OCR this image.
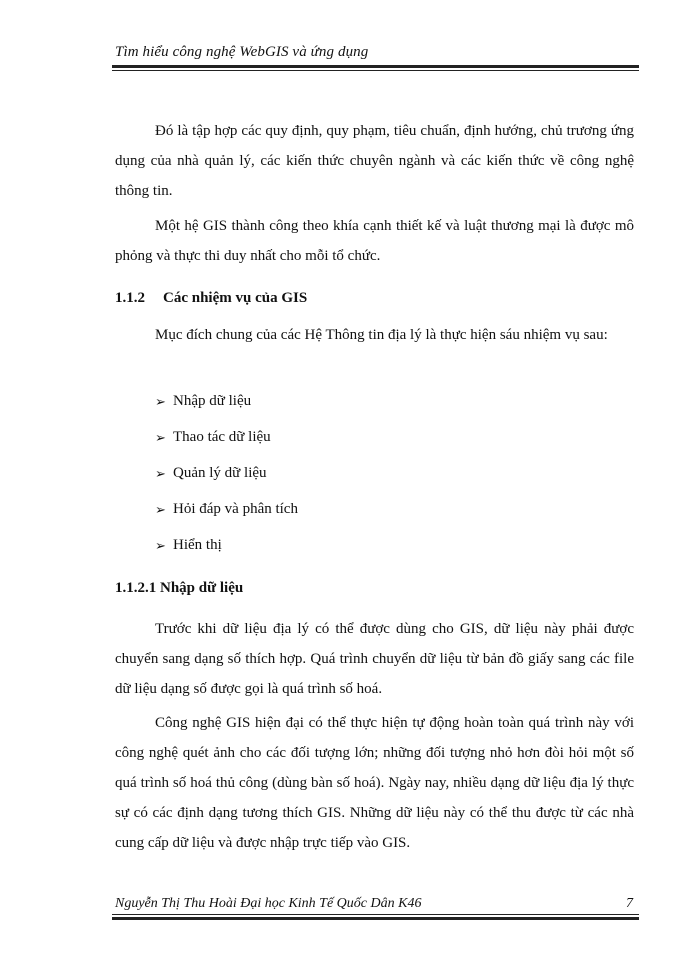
Tìm hiểu công nghệ WebGIS và ứng dụng

Đó là tập hợp các quy định, quy phạm, tiêu chuẩn, định hướng, chủ trương ứng dụng của nhà quản lý, các kiến thức chuyên ngành và các kiến thức về công nghệ thông tin.

Một hệ GIS thành công theo khía cạnh thiết kế và luật thương mại là được mô phỏng và thực thi duy nhất cho mỗi tổ chức.

1.1.2 Các nhiệm vụ của GIS

Mục đích chung của các Hệ Thông tin địa lý là thực hiện sáu nhiệm vụ sau:

➢ Nhập dữ liệu
➢ Thao tác dữ liệu
➢ Quản lý dữ liệu
➢ Hỏi đáp và phân tích
➢ Hiển thị
1.1.2.1 Nhập dữ liệu

Trước khi dữ liệu địa lý có thể được dùng cho GIS, dữ liệu này phải được chuyển sang dạng số thích hợp. Quá trình chuyển dữ liệu từ bản đồ giấy sang các file dữ liệu dạng số được gọi là quá trình số hoá.

Công nghệ GIS hiện đại có thể thực hiện tự động hoàn toàn quá trình này với công nghệ quét ảnh cho các đối tượng lớn; những đối tượng nhỏ hơn đòi hỏi một số quá trình số hoá thủ công (dùng bàn số hoá). Ngày nay, nhiều dạng dữ liệu địa lý thực sự có các định dạng tương thích GIS. Những dữ liệu này có thể thu được từ các nhà cung cấp dữ liệu và được nhập trực tiếp vào GIS.

Nguyễn Thị Thu Hoài Đại học Kinh Tế Quốc Dân K46	7
